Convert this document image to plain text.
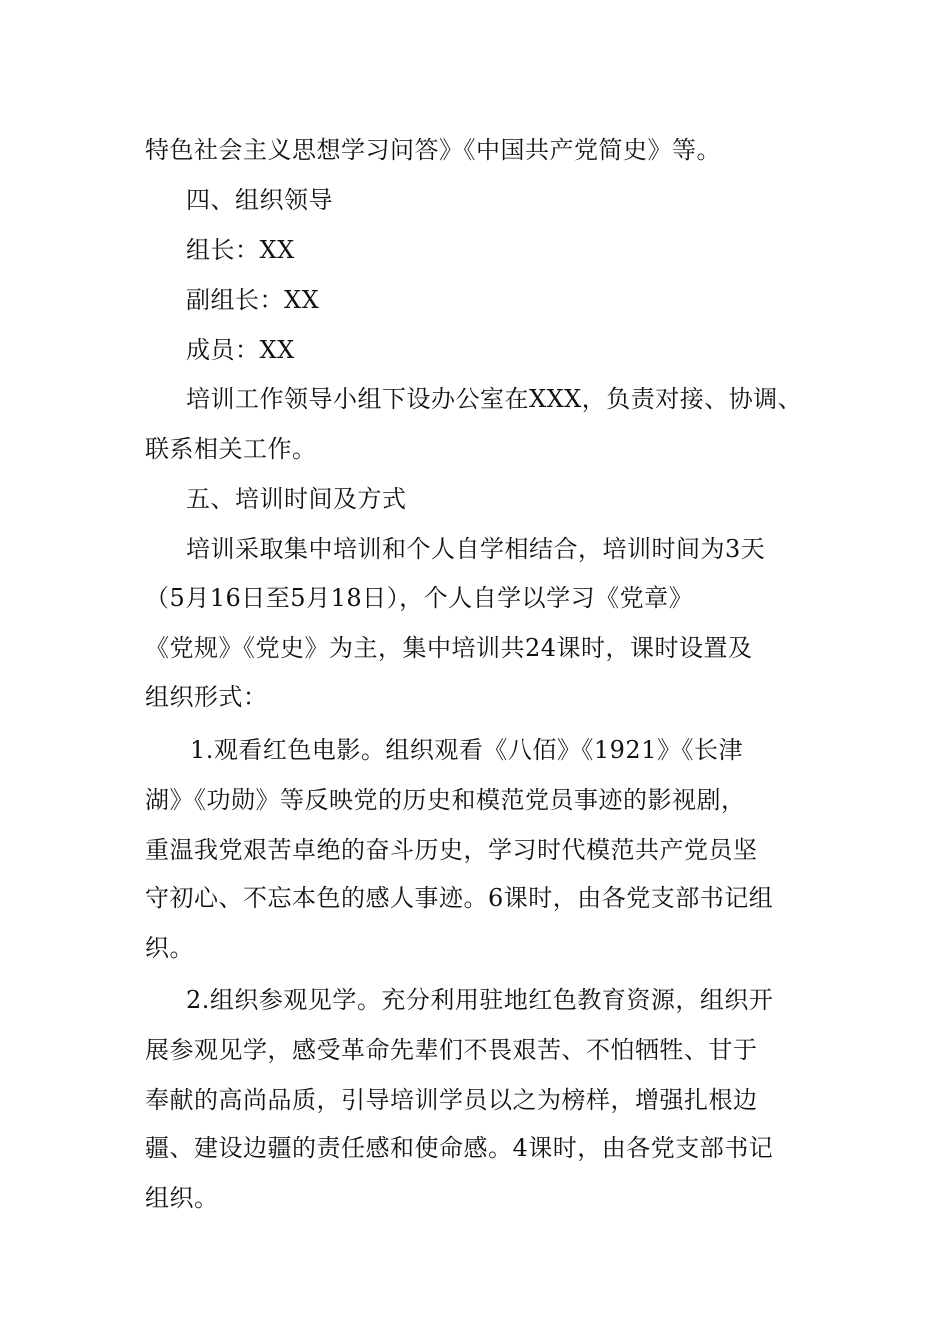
特色社会主义思想学习问答》《中国共产党简史》等。
四、组织领导
组长：XX
副组长：XX
成员：XX
培训工作领导小组下设办公室在XXX，负责对接、协调、
联系相关工作。
五、培训时间及方式
培训采取集中培训和个人自学相结合，培训时间为3天
（5月16日至5月18日），个人自学以学习《党章》
《党规》《党史》为主，集中培训共24课时，课时设置及
组织形式：
1.观看红色电影。组织观看《八佰》《1921》《长津
湖》《功勋》等反映党的历史和模范党员事迹的影视剧，
重温我党艰苦卓绝的奋斗历史，学习时代模范共产党员坚
守初心、不忘本色的感人事迹。6课时，由各党支部书记组
织。
2.组织参观见学。充分利用驻地红色教育资源，组织开
展参观见学，感受革命先辈们不畏艰苦、不怕牺牲、甘于
奉献的高尚品质，引导培训学员以之为榜样，增强扎根边
疆、建设边疆的责任感和使命感。4课时，由各党支部书记
组织。
